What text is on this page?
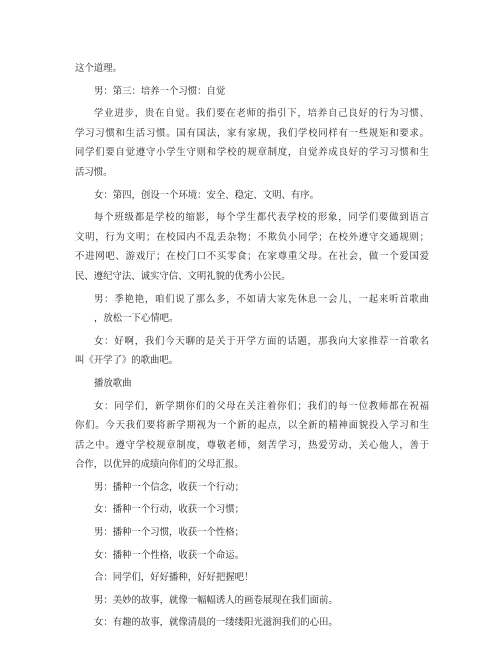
这个道理。
男：第三：培养一个习惯：自觉
学业进步，贵在自觉。我们要在老师的指引下，培养自己良好的行为习惯、
学习习惯和生活习惯。国有国法，家有家规，我们学校同样有一些规矩和要求。
同学们要自觉遵守小学生守则和学校的规章制度，自觉养成良好的学习习惯和生
活习惯。
女：第四，创设一个环境：安全、稳定、文明、有序。
每个班级都是学校的缩影，每个学生都代表学校的形象，同学们要做到语言
文明，行为文明；在校园内不乱丢杂物；不欺负小同学；在校外遵守交通规则；
不进网吧、游戏厅；在校门口不买零食；在家尊重父母。在社会，做一个爱国爱
民、遵纪守法、诚实守信、文明礼貌的优秀小公民。
男：季艳艳，咱们说了那么多，不如请大家先休息一会儿，一起来听首歌曲
，放松一下心情吧。
女：好啊，我们今天聊的是关于开学方面的话题，那我向大家推荐一首歌名
叫《开学了》的歌曲吧。
播放歌曲
女：同学们，新学期你们的父母在关注着你们；我们的每一位教师都在祝福
你们。今天我们要将新学期视为一个新的起点，以全新的精神面貌投入学习和生
活之中。遵守学校规章制度，尊敬老师，刻苦学习，热爱劳动，关心他人，善于
合作，以优异的成绩向你们的父母汇报。
男：播种一个信念，收获一个行动；
女：播种一个行动，收获一个习惯；
男：播种一个习惯，收获一个性格；
女：播种一个性格，收获一个命运。
合：同学们，好好播种，好好把握吧！
男：美妙的故事，就像一幅幅诱人的画卷展现在我们面前。
女：有趣的故事，就像清晨的一缕缕阳光滋润我们的心田。
